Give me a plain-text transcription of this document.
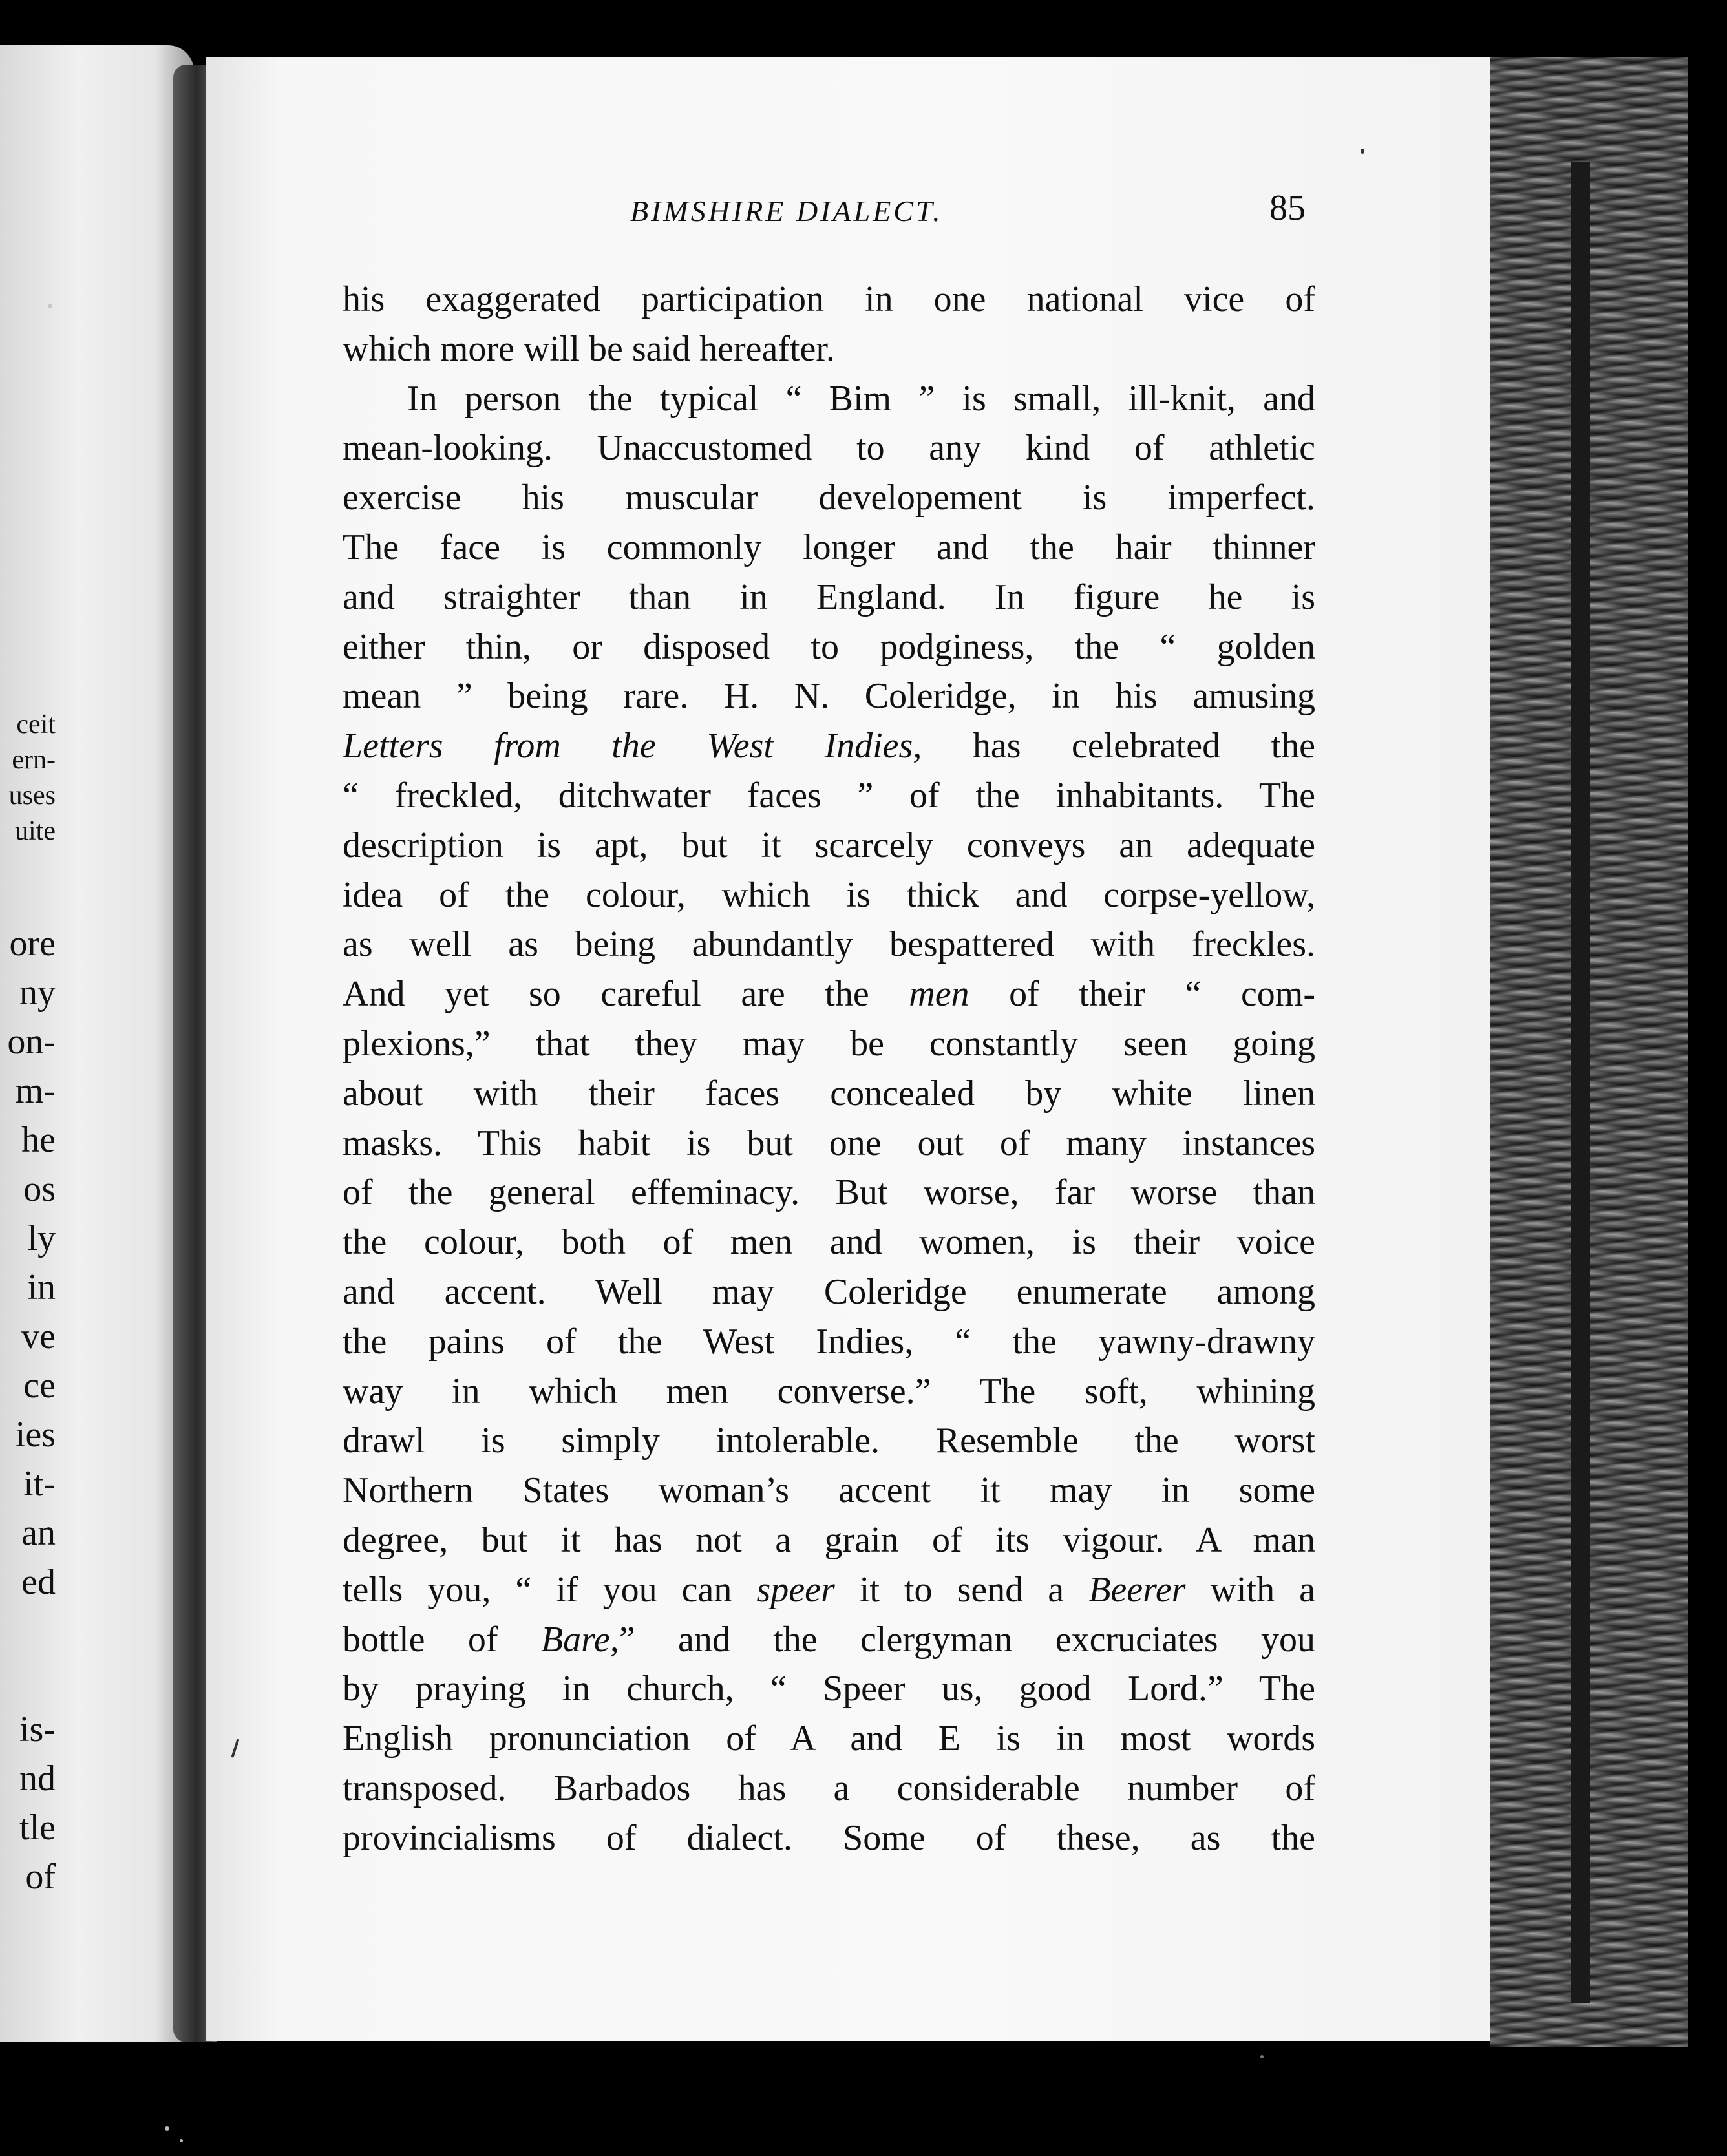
.
ceit
ern-
uses
uite
ore
ny
on-
m-
he
os
ly
in
ve
ce
ies
it-
an
ed
is-
nd
tle
of
BIMSHIRE DIALECT.	85
his exaggerated participation in one national vice of
which more will be said hereafter.
In person the typical “ Bim ” is small, ill-knit, and
mean-looking. Unaccustomed to any kind of athletic
exercise his muscular developement is imperfect.
The face is commonly longer and the hair thinner
and straighter than in England. In figure he is
either thin, or disposed to podginess, the “ golden
mean ” being rare. H. N. Coleridge, in his amusing
Letters from the West Indies, has celebrated the
“ freckled, ditchwater faces ” of the inhabitants. The
description is apt, but it scarcely conveys an adequate
idea of the colour, which is thick and corpse-yellow,
as well as being abundantly bespattered with freckles.
And yet so careful are the men of their “ com-
plexions,” that they may be constantly seen going
about with their faces concealed by white linen
masks. This habit is but one out of many instances
of the general effeminacy. But worse, far worse than
the colour, both of men and women, is their voice
and accent. Well may Coleridge enumerate among
the pains of the West Indies, “ the yawny-drawny
way in which men converse.” The soft, whining
drawl is simply intolerable. Resemble the worst
Northern States woman’s accent it may in some
degree, but it has not a grain of its vigour. A man
tells you, “ if you can speer it to send a Beerer with a
bottle of Bare,” and the clergyman excruciates you
by praying in church, “ Speer us, good Lord.” The
English pronunciation of A and E is in most words
transposed. Barbados has a considerable number of
provincialisms of dialect. Some of these, as the
